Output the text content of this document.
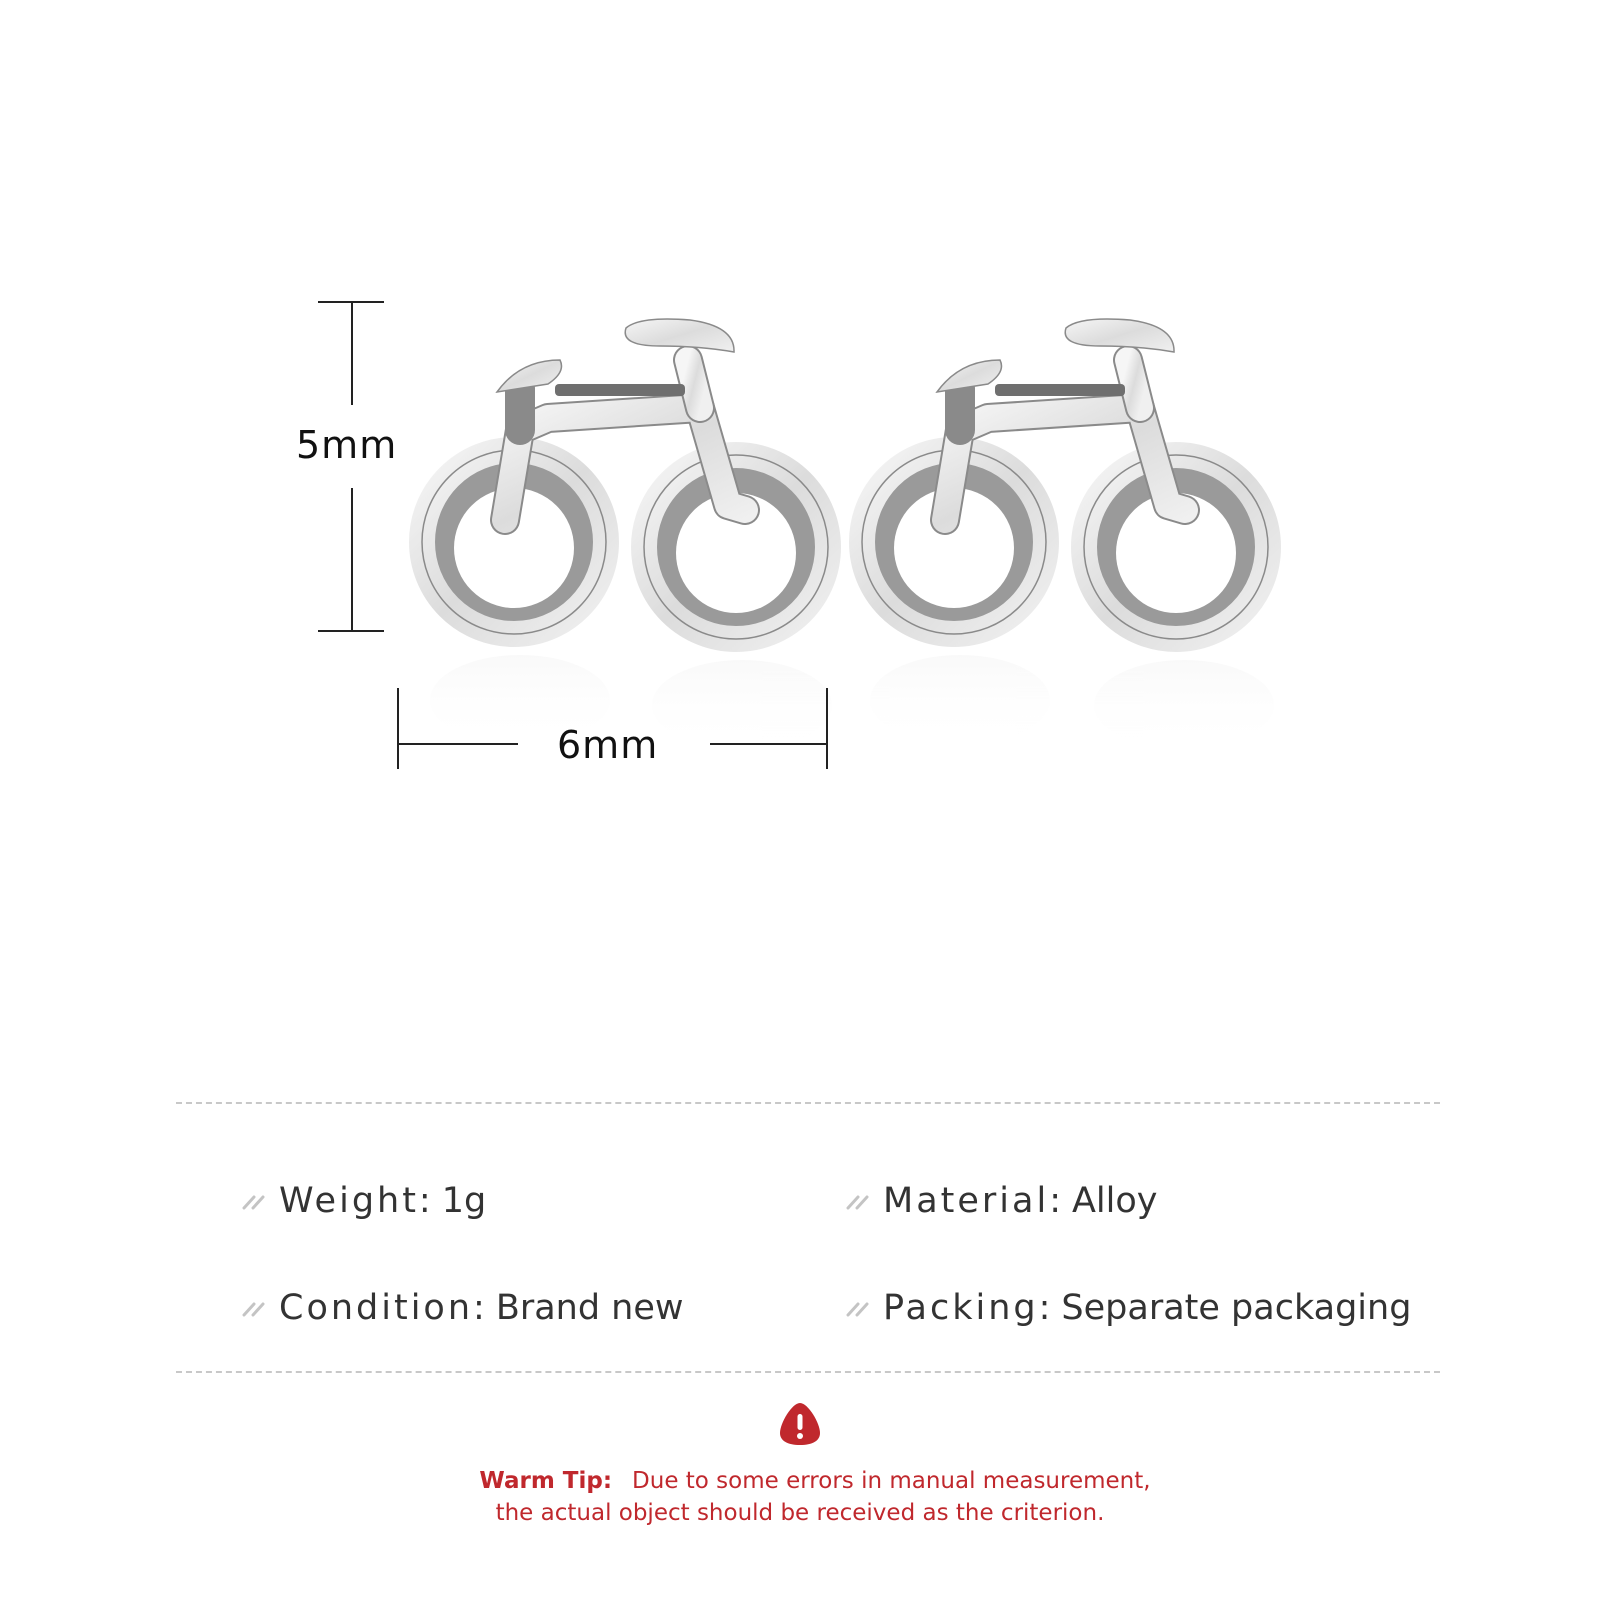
5mm
6mm
Weight: 1g	Material: Alloy
Condition: Brand new	Packing: Separate packaging
Warm Tip: Due to some errors in manual measurement,
the actual object should be received as the criterion.
